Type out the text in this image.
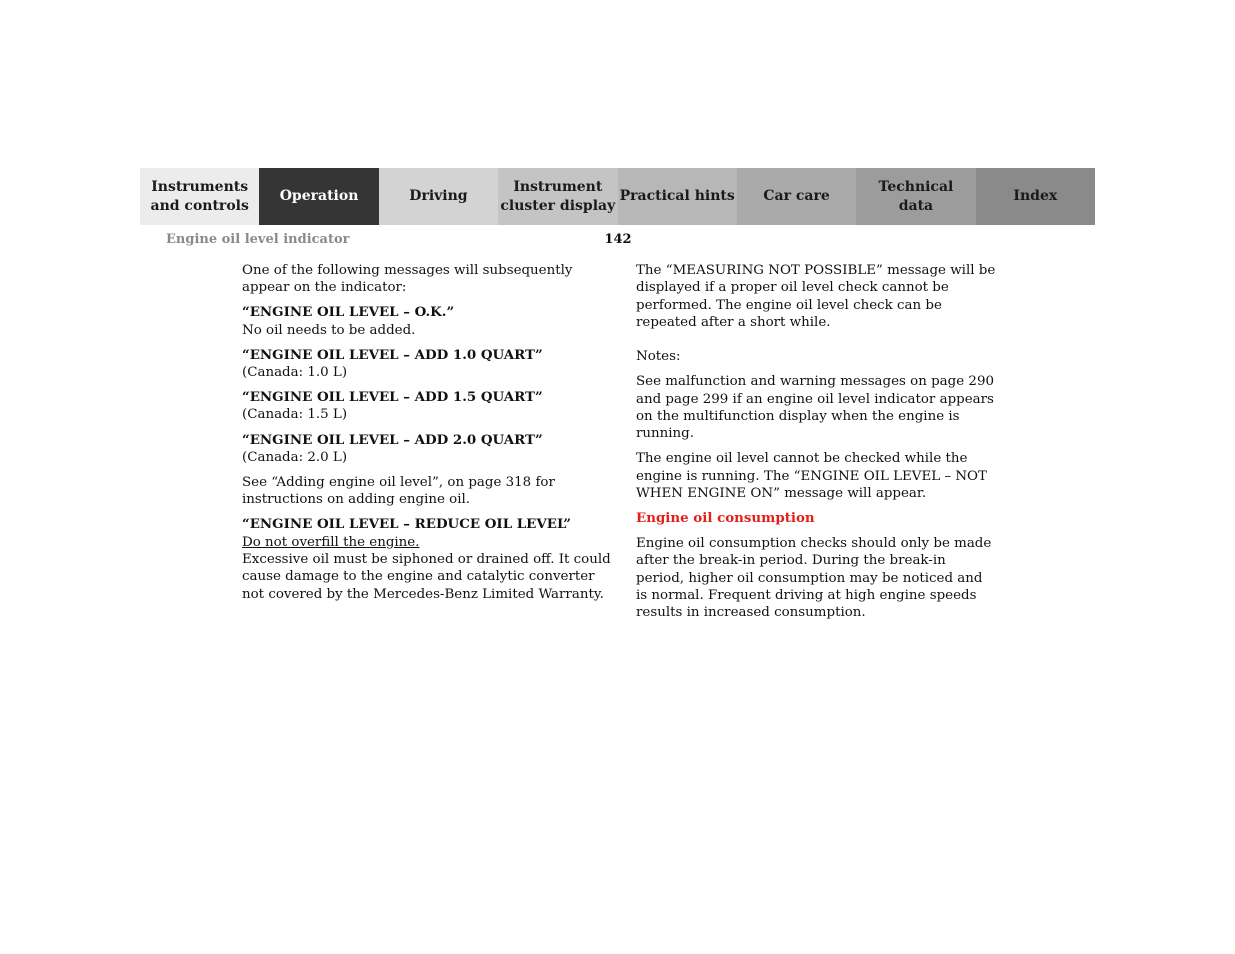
Instruments
and controls
Operation	Driving
Instrument
cluster display
Practical hints	Car care
Technical
data
Index
Engine oil level indicator	142

One of the following messages will subsequently appear on the indicator:

“ENGINE OIL LEVEL – O.K.”
No oil needs to be added.

“ENGINE OIL LEVEL – ADD 1.0 QUART”
(Canada: 1.0 L)

“ENGINE OIL LEVEL – ADD 1.5 QUART”
(Canada: 1.5 L)

“ENGINE OIL LEVEL – ADD 2.0 QUART”
(Canada: 2.0 L)

See “Adding engine oil level”, on page 318 for instructions on adding engine oil.

“ENGINE OIL LEVEL – REDUCE OIL LEVEL”
Do not overfill the engine.
Excessive oil must be siphoned or drained off. It could cause damage to the engine and catalytic converter not covered by the Mercedes-Benz Limited Warranty.

The “MEASURING NOT POSSIBLE” message will be displayed if a proper oil level check cannot be performed. The engine oil level check can be repeated after a short while.

Notes:

See malfunction and warning messages on page 290 and page 299 if an engine oil level indicator appears on the multifunction display when the engine is running.

The engine oil level cannot be checked while the engine is running. The “ENGINE OIL LEVEL – NOT WHEN ENGINE ON” message will appear.

Engine oil consumption

Engine oil consumption checks should only be made after the break-in period. During the break-in period, higher oil consumption may be noticed and is normal. Frequent driving at high engine speeds results in increased consumption.
